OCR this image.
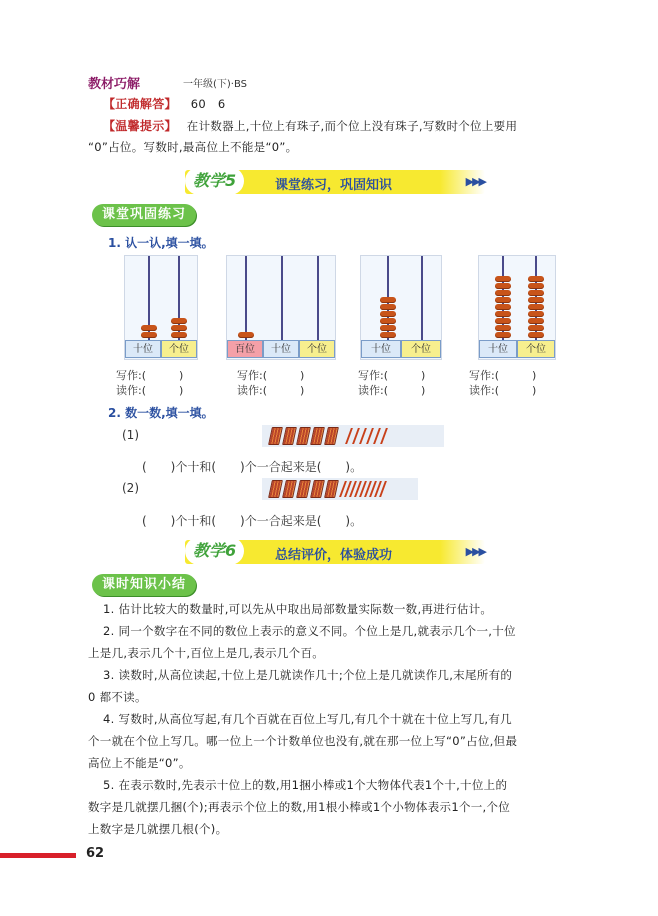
教材巧解	一年级(下)·BS
【正确解答】 60　6
【温馨提示】 在计数器上,十位上有珠子,而个位上没有珠子,写数时个位上要用
“0”占位。写数时,最高位上不能是“0”。
教学5	课堂练习，巩固知识	▶▶▶
课堂巩固练习
1. 认一认,填一填。
十位	个位
写作:(　　　)
读作:(　　　)
百位	十位	个位
写作:(　　　)
读作:(　　　)
十位	个位
写作:(　　　)
读作:(　　　)
十位	个位
写作:(　　　)
读作:(　　　)
2. 数一数,填一填。
(1)
(　　)个十和(　　)个一合起来是(　　)。
(2)
(　　)个十和(　　)个一合起来是(　　)。
教学6	总结评价，体验成功	▶▶▶
课时知识小结
1. 估计比较大的数量时,可以先从中取出局部数量实际数一数,再进行估计。
2. 同一个数字在不同的数位上表示的意义不同。个位上是几,就表示几个一,十位
上是几,表示几个十,百位上是几,表示几个百。
3. 读数时,从高位读起,十位上是几就读作几十;个位上是几就读作几,末尾所有的
0 都不读。
4. 写数时,从高位写起,有几个百就在百位上写几,有几个十就在十位上写几,有几
个一就在个位上写几。哪一位上一个计数单位也没有,就在那一位上写“0”占位,但最
高位上不能是“0”。
5. 在表示数时,先表示十位上的数,用1捆小棒或1个大物体代表1个十,十位上的
数字是几就摆几捆(个);再表示个位上的数,用1根小棒或1个小物体表示1个一,个位
上数字是几就摆几根(个)。
62
